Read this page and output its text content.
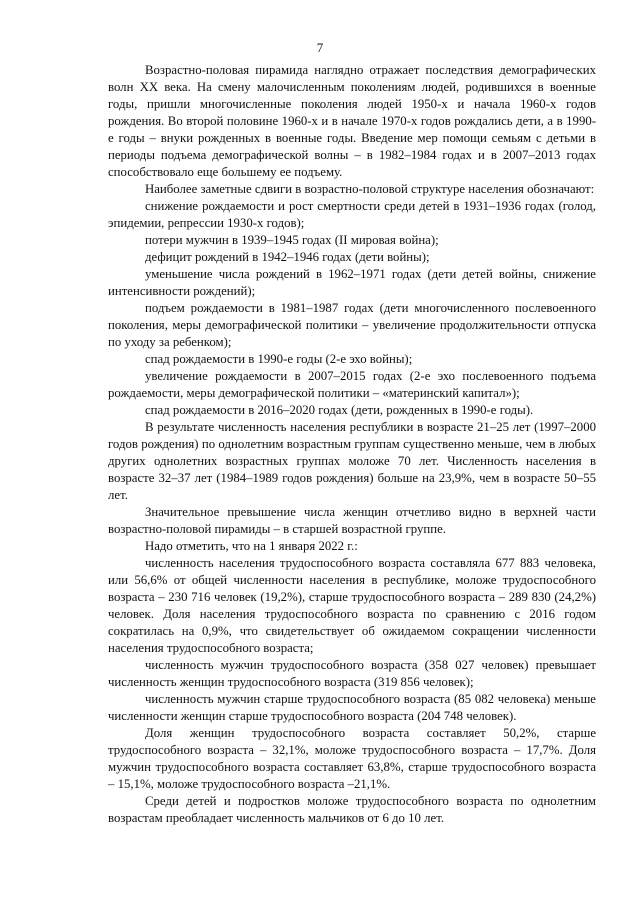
7

Возрастно-половая пирамида наглядно отражает последствия демографических волн XX века. На смену малочисленным поколениям людей, родившихся в военные годы, пришли многочисленные поколения людей 1950-х и начала 1960-х годов рождения. Во второй половине 1960-х и в начале 1970-х годов рождались дети, а в 1990-е годы – внуки рожденных в военные годы. Введение мер помощи семьям с детьми в периоды подъема демографической волны – в 1982–1984 годах и в 2007–2013 годах способствовало еще большему ее подъему.

Наиболее заметные сдвиги в возрастно-половой структуре населения обозначают:

снижение рождаемости и рост смертности среди детей в 1931–1936 годах (голод, эпидемии, репрессии 1930-х годов);

потери мужчин в 1939–1945 годах (II мировая война);

дефицит рождений в 1942–1946 годах (дети войны);

уменьшение числа рождений в 1962–1971 годах (дети детей войны, снижение интенсивности рождений);

подъем рождаемости в 1981–1987 годах (дети многочисленного послевоенного поколения, меры демографической политики – увеличение продолжительности отпуска по уходу за ребенком);

спад рождаемости в 1990-е годы (2-е эхо войны);

увеличение рождаемости в 2007–2015 годах (2-е эхо послевоенного подъема рождаемости, меры демографической политики – «материнский капитал»);

спад рождаемости в 2016–2020 годах (дети, рожденных в 1990-е годы).

В результате численность населения республики в возрасте 21–25 лет (1997–2000 годов рождения) по однолетним возрастным группам существенно меньше, чем в любых других однолетних возрастных группах моложе 70 лет. Численность населения в возрасте 32–37 лет (1984–1989 годов рождения) больше на 23,9%, чем в возрасте 50–55 лет.

Значительное превышение числа женщин отчетливо видно в верхней части возрастно-половой пирамиды – в старшей возрастной группе.

Надо отметить, что на 1 января 2022 г.:

численность населения трудоспособного возраста составляла 677 883 человека, или 56,6% от общей численности населения в республике, моложе трудоспособного возраста – 230 716 человек (19,2%), старше трудоспособного возраста – 289 830 (24,2%) человек. Доля населения трудоспособного возраста по сравнению с 2016 годом сократилась на 0,9%, что свидетельствует об ожидаемом сокращении численности населения трудоспособного возраста;

численность мужчин трудоспособного возраста (358 027 человек) превышает численность женщин трудоспособного возраста (319 856 человек);

численность мужчин старше трудоспособного возраста (85 082 человека) меньше численности женщин старше трудоспособного возраста (204 748 человек).

Доля женщин трудоспособного возраста составляет 50,2%, старше трудоспособного возраста – 32,1%, моложе трудоспособного возраста – 17,7%. Доля мужчин трудоспособного возраста составляет 63,8%, старше трудоспособного возраста – 15,1%, моложе трудоспособного возраста –21,1%.

Среди детей и подростков моложе трудоспособного возраста по однолетним возрастам преобладает численность мальчиков от 6 до 10 лет.
